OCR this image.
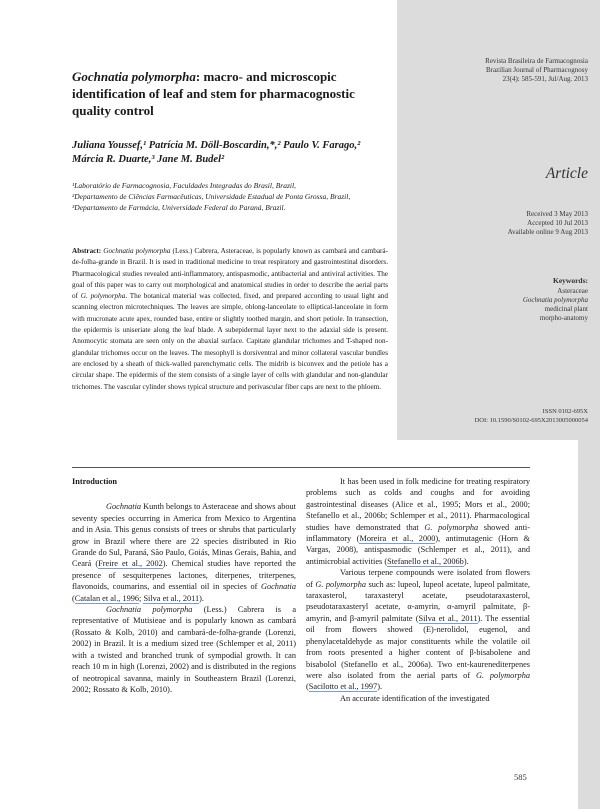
Revista Brasileira de Farmacognosia
Brazilian Journal of Pharmacognosy
23(4): 585-591, Jul/Aug. 2013
Article
Received 3 May 2013
Accepted 10 Jul 2013
Available online 9 Aug 2013
Keywords:
Asteraceae
Gochnatia polymorpha
medicinal plant
morpho-anatomy
ISSN 0102-695X
DOI: 10.1590/S0102-695X2013005000054
Gochnatia polymorpha: macro- and microscopic identification of leaf and stem for pharmacognostic quality control
Juliana Youssef,¹ Patrícia M. Döll-Boscardin,*,² Paulo V. Farago,²
Márcia R. Duarte,³ Jane M. Budel²
¹Laboratório de Farmacognosia, Faculdades Integradas do Brasil, Brazil,
²Departamento de Ciências Farmacêuticas, Universidade Estadual de Ponta Grossa, Brazil,
³Departamento de Farmácia, Universidade Federal do Paraná, Brazil.
Abstract: Gochnatia polymorpha (Less.) Cabrera, Asteraceae, is popularly known as cambará and cambará-de-folha-grande in Brazil. It is used in traditional medicine to treat respiratory and gastrointestinal disorders. Pharmacological studies revealed anti-inflammatory, antispasmodic, antibacterial and antiviral activities. The goal of this paper was to carry out morphological and anatomical studies in order to describe the aerial parts of G. polymorpha. The botanical material was collected, fixed, and prepared according to usual light and scanning electron microtechniques. The leaves are simple, oblong-lanceolate to elliptical-lanceolate in form with mucronate acute apex, rounded base, entire or slightly toothed margin, and short petiole. In transection, the epidermis is uniseriate along the leaf blade. A subepidermal layer next to the adaxial side is present. Anomocytic stomata are seen only on the abaxial surface. Capitate glandular trichomes and T-shaped non-glandular trichomes occur on the leaves. The mesophyll is dorsiventral and minor collateral vascular bundles are enclosed by a sheath of thick-walled parenchymatic cells. The midrib is biconvex and the petiole has a circular shape. The epidermis of the stem consists of a single layer of cells with glandular and non-glandular trichomes. The vascular cylinder shows typical structure and perivascular fiber caps are next to the phloem.
Introduction

Gochnatia Kunth belongs to Asteraceae and shows about seventy species occurring in America from Mexico to Argentina and in Asia. This genus consists of trees or shrubs that particularly grow in Brazil where there are 22 species distributed in Rio Grande do Sul, Paraná, São Paulo, Goiás, Minas Gerais, Bahia, and Ceará (Freire et al., 2002). Chemical studies have reported the presence of sesquiterpenes lactones, diterpenes, triterpenes, flavonoids, coumarins, and essential oil in species of Gochnatia (Catalan et al., 1996; Silva et al., 2011).

Gochnatia polymorpha (Less.) Cabrera is a representative of Mutisieae and is popularly known as cambará (Rossato & Kolb, 2010) and cambará-de-folha-grande (Lorenzi, 2002) in Brazil. It is a medium sized tree (Schlemper et al, 2011) with a twisted and branched trunk of sympodial growth. It can reach 10 m in high (Lorenzi, 2002) and is distributed in the regions of neotropical savanna, mainly in Southeastern Brazil (Lorenzi, 2002; Rossato & Kolb, 2010).

It has been used in folk medicine for treating respiratory problems such as colds and coughs and for avoiding gastrointestinal diseases (Alice et al., 1995; Mors et al., 2000; Stefanello et al., 2006b; Schlemper et al., 2011). Pharmacological studies have demonstrated that G. polymorpha showed anti-inflammatory (Moreira et al., 2000), antimutagenic (Horn & Vargas, 2008), antispasmodic (Schlemper et al., 2011), and antimicrobial activities (Stefanello et al., 2006b).

Various terpene compounds were isolated from flowers of G. polymorpha such as: lupeol, lupeol acetate, lupeol palmitate, taraxasterol, taraxasteryl acetate, pseudotaraxasterol, pseudotaraxasteryl acetate, α-amyrin, α-amyril palmitate, β-amyrin, and β-amyril palmitate (Silva et al., 2011). The essential oil from flowers showed (E)-nerolidol, eugenol, and phenylacetaldehyde as major constituents while the volatile oil from roots presented a higher content of β-bisabolene and bisabolol (Stefanello et al., 2006a). Two ent-kaurenediterpenes were also isolated from the aerial parts of G. polymorpha (Sacilotto et al., 1997).

An accurate identification of the investigated

585
